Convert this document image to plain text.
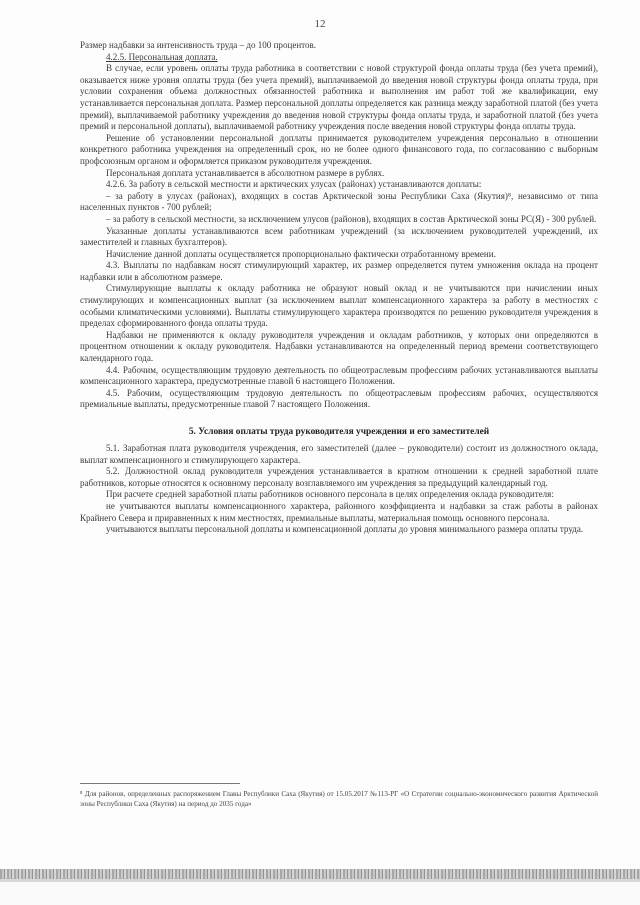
12

Размер надбавки за интенсивность труда – до 100 процентов.

4.2.5. Персональная доплата.

В случае, если уровень оплаты труда работника в соответствии с новой структурой фонда оплаты труда (без учета премий), оказывается ниже уровня оплаты труда (без учета премий), выплачиваемой до введения новой структуры фонда оплаты труда, при условии сохранения объема должностных обязанностей работника и выполнения им работ той же квалификации, ему устанавливается персональная доплата. Размер персональной доплаты определяется как разница между заработной платой (без учета премий), выплачиваемой работнику учреждения до введения новой структуры фонда оплаты труда, и заработной платой (без учета премий и персональной доплаты), выплачиваемой работнику учреждения после введения новой структуры фонда оплаты труда.

Решение об установлении персональной доплаты принимается руководителем учреждения персонально в отношении конкретного работника учреждения на определенный срок, но не более одного финансового года, по согласованию с выборным профсоюзным органом и оформляется приказом руководителя учреждения.

Персональная доплата устанавливается в абсолютном размере в рублях.

4.2.6. За работу в сельской местности и арктических улусах (районах) устанавливаются доплаты:

– за работу в улусах (районах), входящих в состав Арктической зоны Республики Саха (Якутия)⁸, независимо от типа населенных пунктов - 700 рублей;

– за работу в сельской местности, за исключением улусов (районов), входящих в состав Арктической зоны РС(Я) - 300 рублей.

Указанные доплаты устанавливаются всем работникам учреждений (за исключением руководителей учреждений, их заместителей и главных бухгалтеров).

Начисление данной доплаты осуществляется пропорционально фактически отработанному времени.

4.3. Выплаты по надбавкам носят стимулирующий характер, их размер определяется путем умножения оклада на процент надбавки или в абсолютном размере.

Стимулирующие выплаты к окладу работника не образуют новый оклад и не учитываются при начислении иных стимулирующих и компенсационных выплат (за исключением выплат компенсационного характера за работу в местностях с особыми климатическими условиями). Выплаты стимулирующего характера производятся по решению руководителя учреждения в пределах сформированного фонда оплаты труда.

Надбавки не применяются к окладу руководителя учреждения и окладам работников, у которых они определяются в процентном отношении к окладу руководителя. Надбавки устанавливаются на определенный период времени соответствующего календарного года.

4.4. Рабочим, осуществляющим трудовую деятельность по общеотраслевым профессиям рабочих устанавливаются выплаты компенсационного характера, предусмотренные главой 6 настоящего Положения.

4.5. Рабочим, осуществляющим трудовую деятельность по общеотраслевым профессиям рабочих, осуществляются премиальные выплаты, предусмотренные главой 7 настоящего Положения.

5. Условия оплаты труда руководителя учреждения и его заместителей

5.1. Заработная плата руководителя учреждения, его заместителей (далее – руководители) состоит из должностного оклада, выплат компенсационного и стимулирующего характера.

5.2. Должностной оклад руководителя учреждения устанавливается в кратном отношении к средней заработной плате работников, которые относятся к основному персоналу возглавляемого им учреждения за предыдущий календарный год.

При расчете средней заработной платы работников основного персонала в целях определения оклада руководителя:

не учитываются выплаты компенсационного характера, районного коэффициента и надбавки за стаж работы в районах Крайнего Севера и приравненных к ним местностях, премиальные выплаты, материальная помощь основного персонала.

учитываются выплаты персональной доплаты и компенсационной доплаты до уровня минимального размера оплаты труда.

⁸ Для районов, определенных распоряжением Главы Республики Саха (Якутия) от 15.05.2017 №113-РГ «О Стратегии социально-экономического развития Арктической зоны Республики Саха (Якутия) на период до 2035 года»
